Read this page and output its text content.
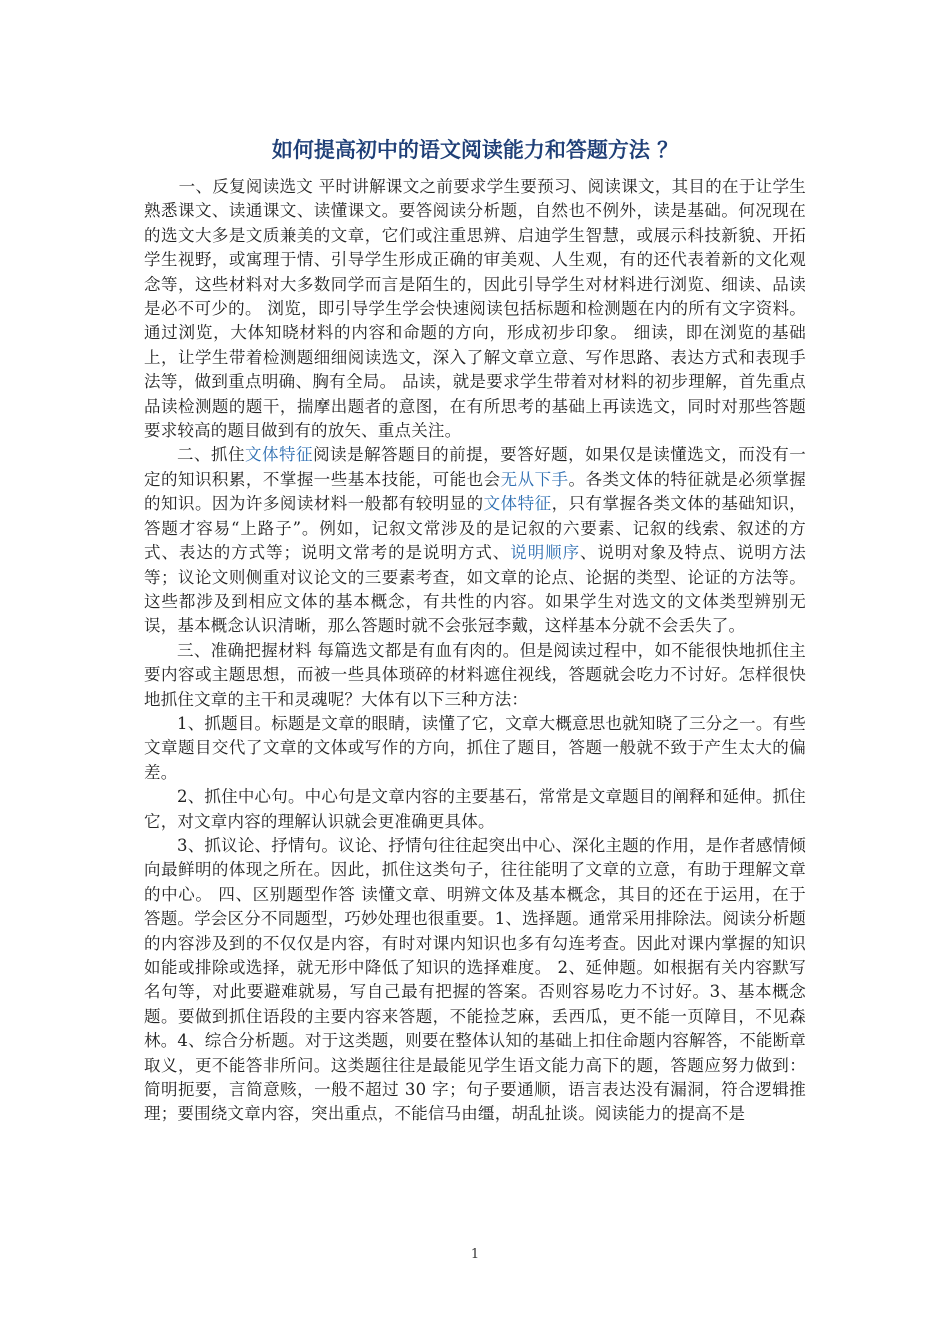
如何提高初中的语文阅读能力和答题方法 ？

一、反复阅读选文 平时讲解课文之前要求学生要预习、阅读课文，其目的在于让学生熟悉课文、读通课文、读懂课文。要答阅读分析题，自然也不例外，读是基础。何况现在的选文大多是文质兼美的文章，它们或注重思辨、启迪学生智慧，或展示科技新貌、开拓学生视野，或寓理于情、引导学生形成正确的审美观、人生观，有的还代表着新的文化观念等，这些材料对大多数同学而言是陌生的，因此引导学生对材料进行浏览、细读、品读是必不可少的。 浏览，即引导学生学会快速阅读包括标题和检测题在内的所有文字资料。通过浏览，大体知晓材料的内容和命题的方向，形成初步印象。 细读，即在浏览的基础上，让学生带着检测题细细阅读选文，深入了解文章立意、写作思路、表达方式和表现手法等，做到重点明确、胸有全局。 品读，就是要求学生带着对材料的初步理解，首先重点品读检测题的题干，揣摩出题者的意图，在有所思考的基础上再读选文，同时对那些答题要求较高的题目做到有的放矢、重点关注。

二、抓住文体特征阅读是解答题目的前提，要答好题，如果仅是读懂选文，而没有一定的知识积累，不掌握一些基本技能，可能也会无从下手。各类文体的特征就是必须掌握的知识。因为许多阅读材料一般都有较明显的文体特征，只有掌握各类文体的基础知识，答题才容易“上路子”。例如，记叙文常涉及的是记叙的六要素、记叙的线索、叙述的方式、表达的方式等；说明文常考的是说明方式、说明顺序、说明对象及特点、说明方法等；议论文则侧重对议论文的三要素考查，如文章的论点、论据的类型、论证的方法等。这些都涉及到相应文体的基本概念，有共性的内容。如果学生对选文的文体类型辨别无误，基本概念认识清晰，那么答题时就不会张冠李戴，这样基本分就不会丢失了。

三、准确把握材料 每篇选文都是有血有肉的。但是阅读过程中，如不能很快地抓住主要内容或主题思想，而被一些具体琐碎的材料遮住视线，答题就会吃力不讨好。怎样很快地抓住文章的主干和灵魂呢？大体有以下三种方法：

1、抓题目。标题是文章的眼睛，读懂了它，文章大概意思也就知晓了三分之一。有些文章题目交代了文章的文体或写作的方向，抓住了题目，答题一般就不致于产生太大的偏差。

2、抓住中心句。中心句是文章内容的主要基石，常常是文章题目的阐释和延伸。抓住它，对文章内容的理解认识就会更准确更具体。

3、抓议论、抒情句。议论、抒情句往往起突出中心、深化主题的作用，是作者感情倾向最鲜明的体现之所在。因此，抓住这类句子，往往能明了文章的立意，有助于理解文章的中心。 四、区别题型作答 读懂文章、明辨文体及基本概念，其目的还在于运用，在于答题。学会区分不同题型，巧妙处理也很重要。1、选择题。通常采用排除法。阅读分析题的内容涉及到的不仅仅是内容，有时对课内知识也多有勾连考查。因此对课内掌握的知识如能或排除或选择，就无形中降低了知识的选择难度。 2、延伸题。如根据有关内容默写名句等，对此要避难就易，写自己最有把握的答案。否则容易吃力不讨好。3、基本概念题。要做到抓住语段的主要内容来答题，不能捡芝麻，丢西瓜，更不能一页障目，不见森林。4、综合分析题。对于这类题，则要在整体认知的基础上扣住命题内容解答，不能断章取义，更不能答非所问。这类题往往是最能见学生语文能力高下的题，答题应努力做到：简明扼要，言简意赅，一般不超过 30 字；句子要通顺，语言表达没有漏洞，符合逻辑推理；要围绕文章内容，突出重点，不能信马由缰，胡乱扯谈。阅读能力的提高不是

1
